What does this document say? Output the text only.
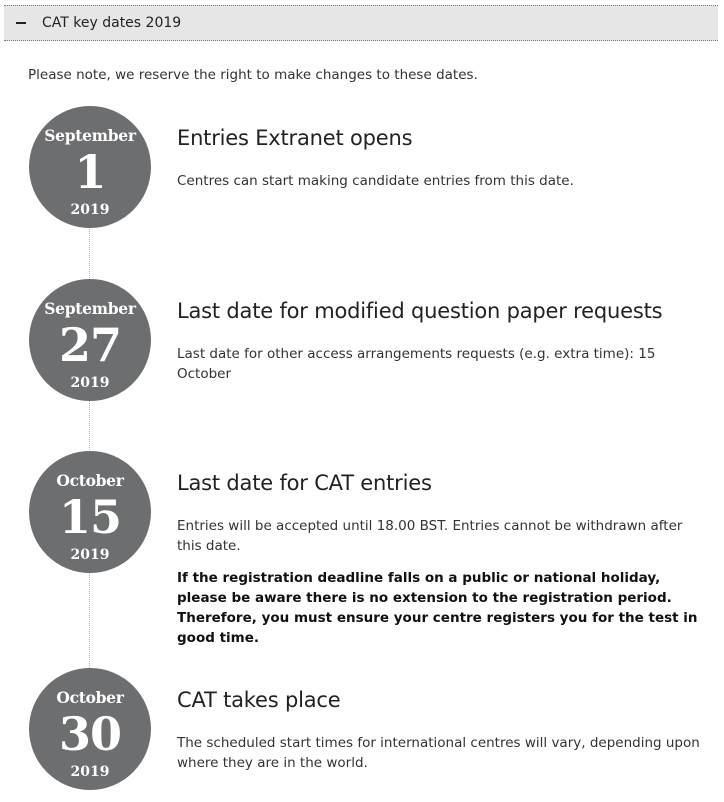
CAT key dates 2019

Please note, we reserve the right to make changes to these dates.

September
1
2019
Entries Extranet opens

Centres can start making candidate entries from this date.

September
27
2019
Last date for modified question paper requests

Last date for other access arrangements requests (e.g. extra time): 15 October

October
15
2019
Last date for CAT entries

Entries will be accepted until 18.00 BST. Entries cannot be withdrawn after this date.

If the registration deadline falls on a public or national holiday, please be aware there is no extension to the registration period. Therefore, you must ensure your centre registers you for the test in good time.

October
30
2019
CAT takes place

The scheduled start times for international centres will vary, depending upon where they are in the world.
